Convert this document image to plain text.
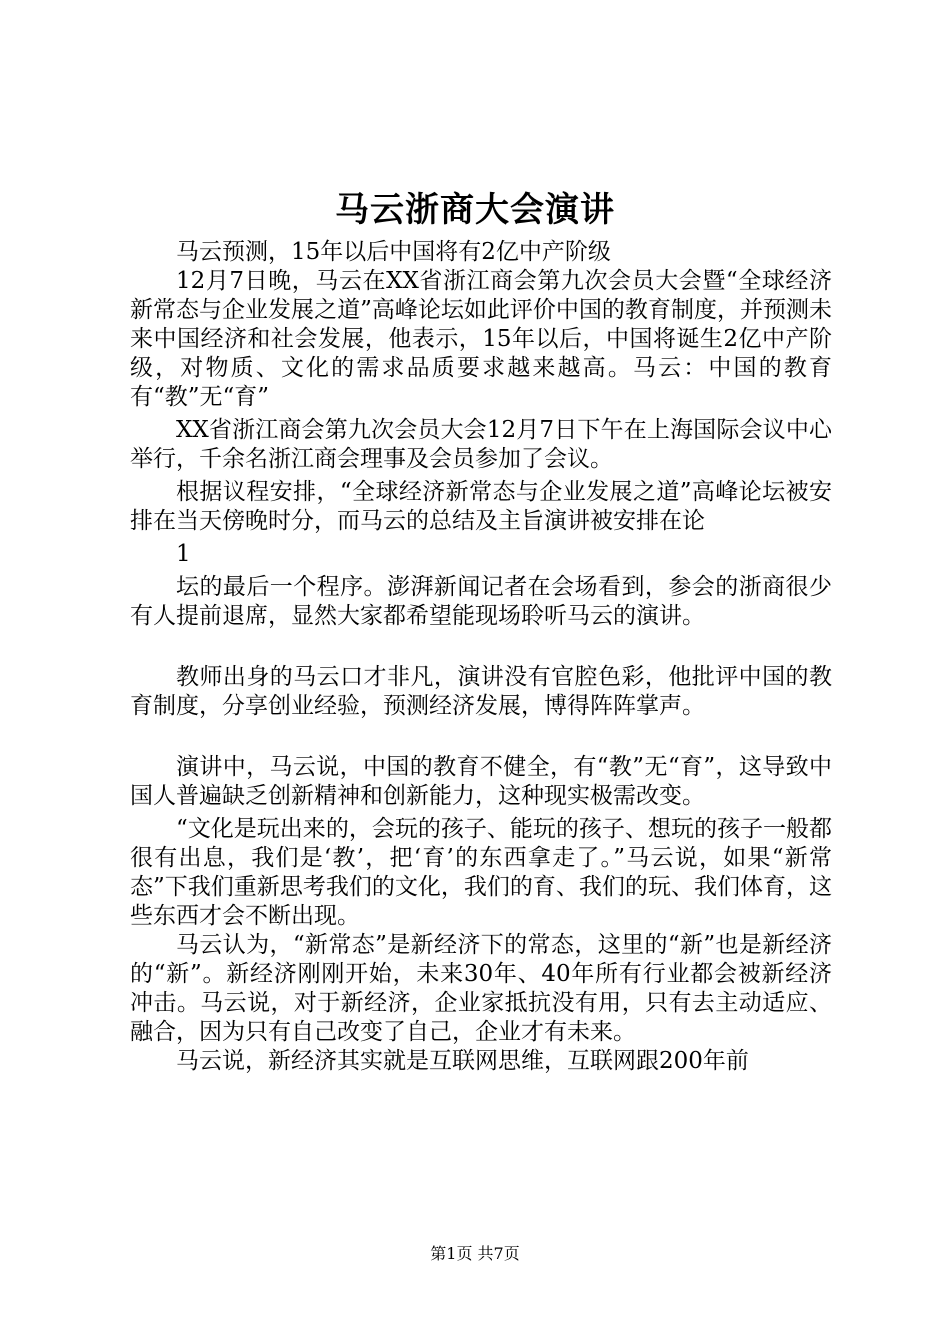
马云浙商大会演讲

马云预测，15年以后中国将有2亿中产阶级

12月7日晚，马云在XX省浙江商会第九次会员大会暨“全球经济新常态与企业发展之道”高峰论坛如此评价中国的教育制度，并预测未来中国经济和社会发展，他表示，15年以后，中国将诞生2亿中产阶级，对物质、文化的需求品质要求越来越高。马云：中国的教育有“教”无“育”

XX省浙江商会第九次会员大会12月7日下午在上海国际会议中心举行，千余名浙江商会理事及会员参加了会议。

根据议程安排，“全球经济新常态与企业发展之道”高峰论坛被安排在当天傍晚时分，而马云的总结及主旨演讲被安排在论

1

坛的最后一个程序。澎湃新闻记者在会场看到，参会的浙商很少有人提前退席，显然大家都希望能现场聆听马云的演讲。

教师出身的马云口才非凡，演讲没有官腔色彩，他批评中国的教育制度，分享创业经验，预测经济发展，博得阵阵掌声。

演讲中，马云说，中国的教育不健全，有“教”无“育”，这导致中国人普遍缺乏创新精神和创新能力，这种现实极需改变。

“文化是玩出来的，会玩的孩子、能玩的孩子、想玩的孩子一般都很有出息，我们是‘教’，把‘育’的东西拿走了。”马云说，如果“新常态”下我们重新思考我们的文化，我们的育、我们的玩、我们体育，这些东西才会不断出现。

马云认为，“新常态”是新经济下的常态，这里的“新”也是新经济的“新”。新经济刚刚开始，未来30年、40年所有行业都会被新经济冲击。马云说，对于新经济，企业家抵抗没有用，只有去主动适应、融合，因为只有自己改变了自己，企业才有未来。

马云说，新经济其实就是互联网思维，互联网跟200年前

第1页 共7页
